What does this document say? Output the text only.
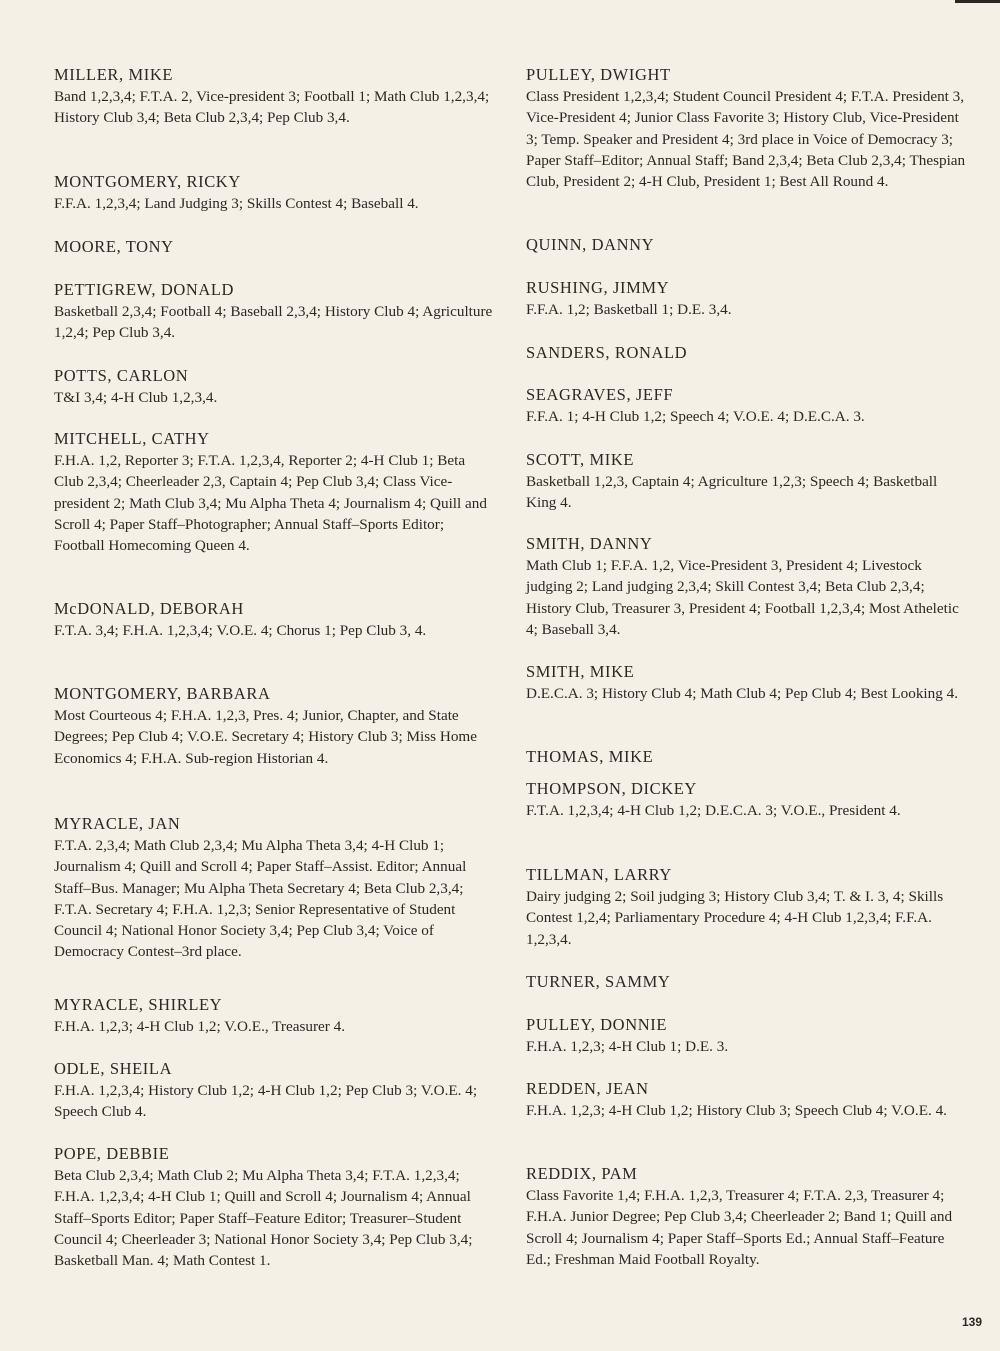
MILLER, MIKE

Band 1,2,3,4; F.T.A. 2, Vice-president 3; Football 1; Math Club 1,2,3,4; History Club 3,4; Beta Club 2,3,4; Pep Club 3,4.

MONTGOMERY, RICKY

F.F.A. 1,2,3,4; Land Judging 3; Skills Contest 4; Baseball 4.

MOORE, TONY

PETTIGREW, DONALD

Basketball 2,3,4; Football 4; Baseball 2,3,4; History Club 4; Agriculture 1,2,4; Pep Club 3,4.

POTTS, CARLON

T&I 3,4; 4-H Club 1,2,3,4.

MITCHELL, CATHY

F.H.A. 1,2, Reporter 3; F.T.A. 1,2,3,4, Reporter 2; 4-H Club 1; Beta Club 2,3,4; Cheerleader 2,3, Captain 4; Pep Club 3,4; Class Vice-president 2; Math Club 3,4; Mu Alpha Theta 4; Journalism 4; Quill and Scroll 4; Paper Staff–Photographer; Annual Staff–Sports Editor; Football Homecoming Queen 4.

McDONALD, DEBORAH

F.T.A. 3,4; F.H.A. 1,2,3,4; V.O.E. 4; Chorus 1; Pep Club 3, 4.

MONTGOMERY, BARBARA

Most Courteous 4; F.H.A. 1,2,3, Pres. 4; Junior, Chapter, and State Degrees; Pep Club 4; V.O.E. Secretary 4; History Club 3; Miss Home Economics 4; F.H.A. Sub-region Historian 4.

MYRACLE, JAN

F.T.A. 2,3,4; Math Club 2,3,4; Mu Alpha Theta 3,4; 4-H Club 1; Journalism 4; Quill and Scroll 4; Paper Staff–Assist. Editor; Annual Staff–Bus. Manager; Mu Alpha Theta Secretary 4; Beta Club 2,3,4; F.T.A. Secretary 4; F.H.A. 1,2,3; Senior Representative of Student Council 4; National Honor Society 3,4; Pep Club 3,4; Voice of Democracy Contest–3rd place.

MYRACLE, SHIRLEY

F.H.A. 1,2,3; 4-H Club 1,2; V.O.E., Treasurer 4.

ODLE, SHEILA

F.H.A. 1,2,3,4; History Club 1,2; 4-H Club 1,2; Pep Club 3; V.O.E. 4; Speech Club 4.

POPE, DEBBIE

Beta Club 2,3,4; Math Club 2; Mu Alpha Theta 3,4; F.T.A. 1,2,3,4; F.H.A. 1,2,3,4; 4-H Club 1; Quill and Scroll 4; Journalism 4; Annual Staff–Sports Editor; Paper Staff–Feature Editor; Treasurer–Student Council 4; Cheerleader 3; National Honor Society 3,4; Pep Club 3,4; Basketball Man. 4; Math Contest 1.

PULLEY, DWIGHT

Class President 1,2,3,4; Student Council President 4; F.T.A. President 3, Vice-President 4; Junior Class Favorite 3; History Club, Vice-President 3; Temp. Speaker and President 4; 3rd place in Voice of Democracy 3; Paper Staff–Editor; Annual Staff; Band 2,3,4; Beta Club 2,3,4; Thespian Club, President 2; 4-H Club, President 1; Best All Round 4.

QUINN, DANNY

RUSHING, JIMMY

F.F.A. 1,2; Basketball 1; D.E. 3,4.

SANDERS, RONALD

SEAGRAVES, JEFF

F.F.A. 1; 4-H Club 1,2; Speech 4; V.O.E. 4; D.E.C.A. 3.

SCOTT, MIKE

Basketball 1,2,3, Captain 4; Agriculture 1,2,3; Speech 4; Basketball King 4.

SMITH, DANNY

Math Club 1; F.F.A. 1,2, Vice-President 3, President 4; Livestock judging 2; Land judging 2,3,4; Skill Contest 3,4; Beta Club 2,3,4; History Club, Treasurer 3, President 4; Football 1,2,3,4; Most Atheletic 4; Baseball 3,4.

SMITH, MIKE

D.E.C.A. 3; History Club 4; Math Club 4; Pep Club 4; Best Looking 4.

THOMAS, MIKE

THOMPSON, DICKEY

F.T.A. 1,2,3,4; 4-H Club 1,2; D.E.C.A. 3; V.O.E., President 4.

TILLMAN, LARRY

Dairy judging 2; Soil judging 3; History Club 3,4; T. & I. 3, 4; Skills Contest 1,2,4; Parliamentary Procedure 4; 4-H Club 1,2,3,4; F.F.A. 1,2,3,4.

TURNER, SAMMY

PULLEY, DONNIE

F.H.A. 1,2,3; 4-H Club 1; D.E. 3.

REDDEN, JEAN

F.H.A. 1,2,3; 4-H Club 1,2; History Club 3; Speech Club 4; V.O.E. 4.

REDDIX, PAM

Class Favorite 1,4; F.H.A. 1,2,3, Treasurer 4; F.T.A. 2,3, Treasurer 4; F.H.A. Junior Degree; Pep Club 3,4; Cheerleader 2; Band 1; Quill and Scroll 4; Journalism 4; Paper Staff–Sports Ed.; Annual Staff–Feature Ed.; Freshman Maid Football Royalty.

139
